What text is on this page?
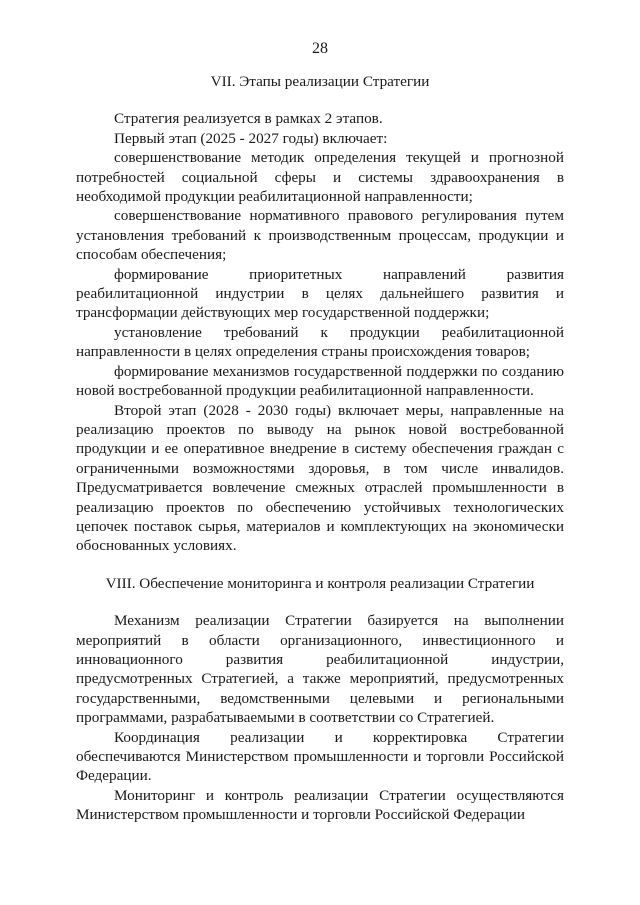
28

VII. Этапы реализации Стратегии

Стратегия реализуется в рамках 2 этапов.

Первый этап (2025 - 2027 годы) включает:

совершенствование методик определения текущей и прогнозной потребностей социальной сферы и системы здравоохранения в необходимой продукции реабилитационной направленности;

совершенствование нормативного правового регулирования путем установления требований к производственным процессам, продукции и способам обеспечения;

формирование приоритетных направлений развития реабилитационной индустрии в целях дальнейшего развития и трансформации действующих мер государственной поддержки;

установление требований к продукции реабилитационной направленности в целях определения страны происхождения товаров;

формирование механизмов государственной поддержки по созданию новой востребованной продукции реабилитационной направленности.

Второй этап (2028 - 2030 годы) включает меры, направленные на реализацию проектов по выводу на рынок новой востребованной продукции и ее оперативное внедрение в систему обеспечения граждан с ограниченными возможностями здоровья, в том числе инвалидов. Предусматривается вовлечение смежных отраслей промышленности в реализацию проектов по обеспечению устойчивых технологических цепочек поставок сырья, материалов и комплектующих на экономически обоснованных условиях.

VIII. Обеспечение мониторинга и контроля реализации Стратегии

Механизм реализации Стратегии базируется на выполнении мероприятий в области организационного, инвестиционного и инновационного развития реабилитационной индустрии, предусмотренных Стратегией, а также мероприятий, предусмотренных государственными, ведомственными целевыми и региональными программами, разрабатываемыми в соответствии со Стратегией.

Координация реализации и корректировка Стратегии обеспечиваются Министерством промышленности и торговли Российской Федерации.

Мониторинг и контроль реализации Стратегии осуществляются Министерством промышленности и торговли Российской Федерации
